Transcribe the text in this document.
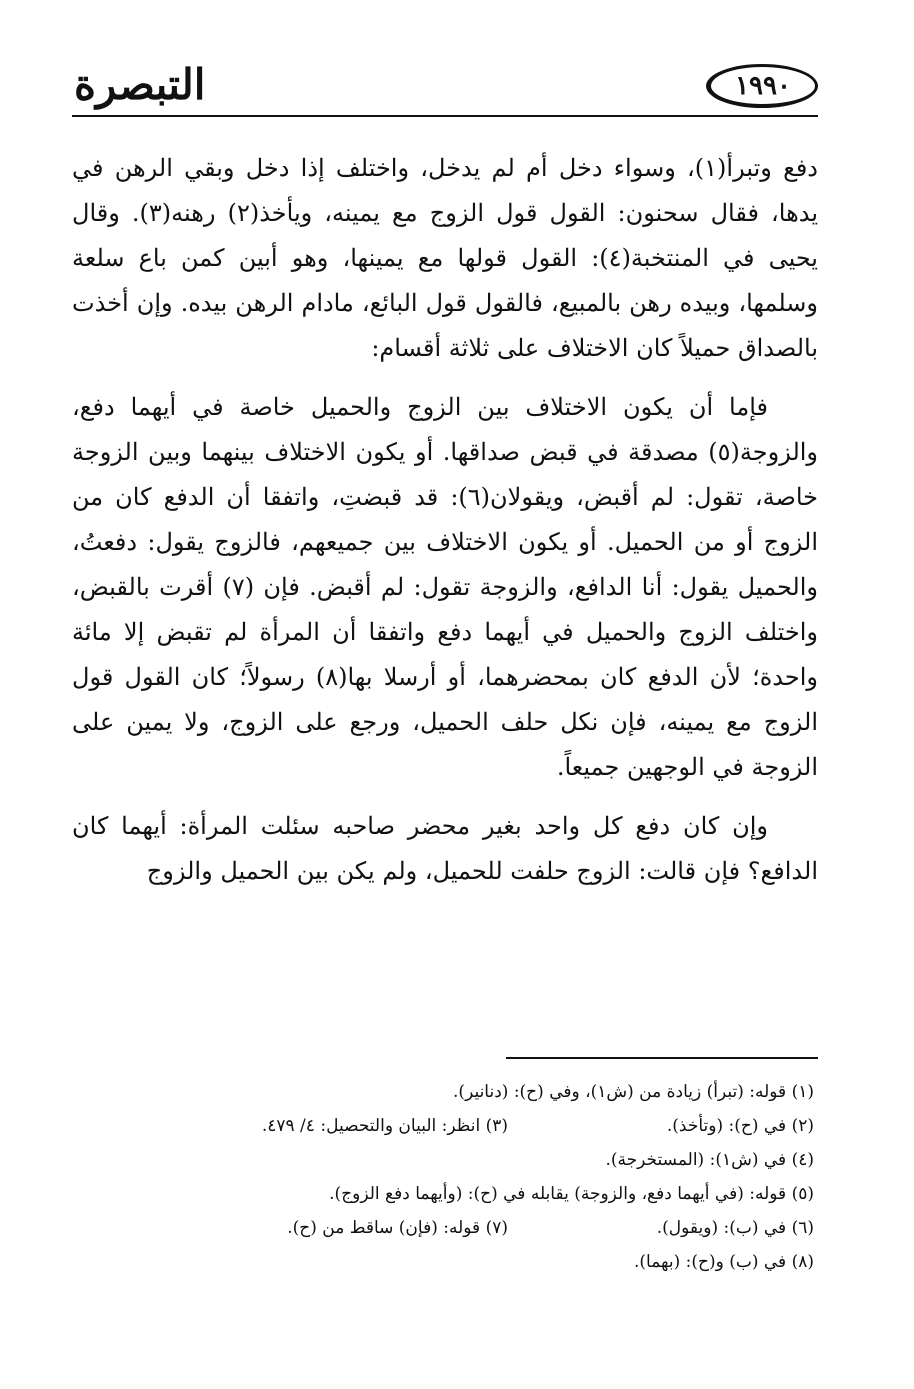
١٩٩٠
التبصرة

دفع وتبرأ(١)، وسواء دخل أم لم يدخل، واختلف إذا دخل وبقي الرهن في يدها، فقال سحنون: القول قول الزوج مع يمينه، ويأخذ(٢) رهنه(٣). وقال يحيى في المنتخبة(٤): القول قولها مع يمينها، وهو أبين كمن باع سلعة وسلمها، وبيده رهن بالمبيع، فالقول قول البائع، مادام الرهن بيده. وإن أخذت بالصداق حميلاً كان الاختلاف على ثلاثة أقسام:

فإما أن يكون الاختلاف بين الزوج والحميل خاصة في أيهما دفع، والزوجة(٥) مصدقة في قبض صداقها. أو يكون الاختلاف بينهما وبين الزوجة خاصة، تقول: لم أقبض، ويقولان(٦): قد قبضتِ، واتفقا أن الدفع كان من الزوج أو من الحميل. أو يكون الاختلاف بين جميعهم، فالزوج يقول: دفعتُ، والحميل يقول: أنا الدافع، والزوجة تقول: لم أقبض. فإن (٧) أقرت بالقبض، واختلف الزوج والحميل في أيهما دفع واتفقا أن المرأة لم تقبض إلا مائة واحدة؛ لأن الدفع كان بمحضرهما، أو أرسلا بها(٨) رسولاً؛ كان القول قول الزوج مع يمينه، فإن نكل حلف الحميل، ورجع على الزوج، ولا يمين على الزوجة في الوجهين جميعاً.

وإن كان دفع كل واحد بغير محضر صاحبه سئلت المرأة: أيهما كان الدافع؟ فإن قالت: الزوج حلفت للحميل، ولم يكن بين الحميل والزوج

(١) قوله: (تبرأ) زيادة من (ش١)، وفي (ح): (دنانير).
(٢) في (ح): (وتأخذ).
(٣) انظر: البيان والتحصيل: ٤/ ٤٧٩.
(٤) في (ش١): (المستخرجة).
(٥) قوله: (في أيهما دفع، والزوجة) يقابله في (ح): (وأيهما دفع الزوج).
(٦) في (ب): (ويقول).
(٧) قوله: (فإن) ساقط من (ح).
(٨) في (ب) و(ح): (بهما).
